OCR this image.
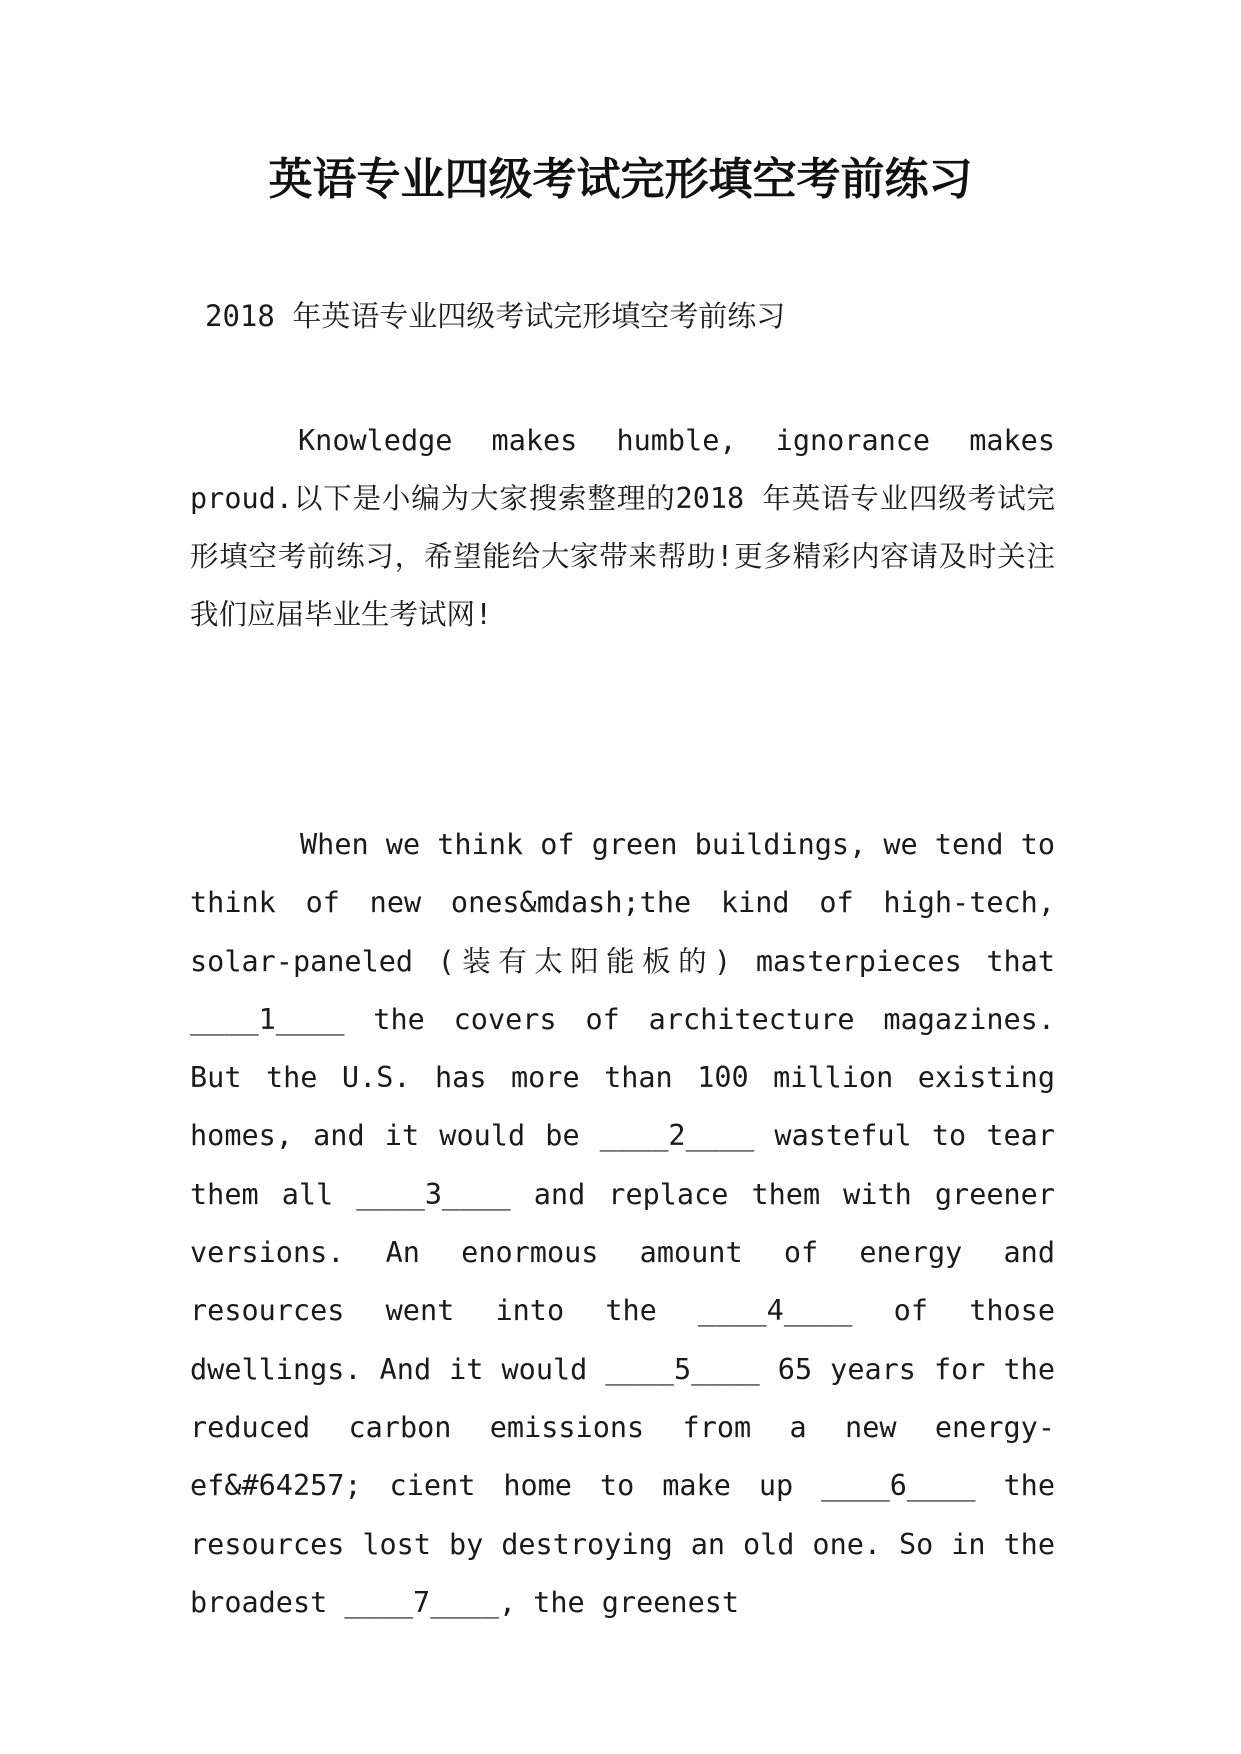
英语专业四级考试完形填空考前练习

2018 年英语专业四级考试完形填空考前练习

Knowledge makes humble, ignorance makes proud.以下是小编为大家搜索整理的2018 年英语专业四级考试完形填空考前练习，希望能给大家带来帮助!更多精彩内容请及时关注我们应届毕业生考试网!

When we think of green buildings, we tend to think of new ones&mdash;the kind of high-tech, solar-paneled (装有太阳能板的) masterpieces that ____1____ the covers of architecture magazines. But the U.S. has more than 100 million existing homes, and it would be ____2____ wasteful to tear them all ____3____ and replace them with greener versions. An enormous amount of energy and resources went into the ____4____ of those dwellings. And it would ____5____ 65 years for the reduced carbon emissions from a new energy-ef&#64257; cient home to make up ____6____ the resources lost by destroying an old one. So in the broadest ____7____, the greenest
